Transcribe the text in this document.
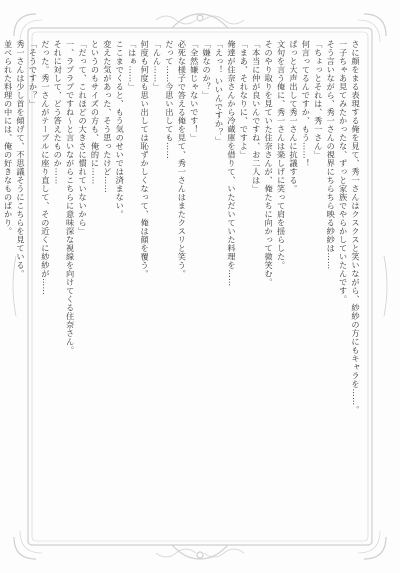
さに顔をまる表現する俺を見て、秀一さんはクスクスと笑いながら、紗紗の方にもキャラを……。

一子ちゃあ見てみたかったな、ずっと家族でやらかしていたんです。

そう言いながら、秀一さんの視界にちらちら映る紗紗は……

「ちょっとそれは、秀一さん」

何言ってるんですか、もう……！

ぱっと大声出して秀一さんに抗議する。

文句を言う俺に、秀一さんは楽しげに笑って肩を揺らした。

そのやり取りを見ていた住奈さんが、俺たちに向かって微笑む。

「本当に仲が良いんですね、お二人は」

「まあ、それなりに、ですよ」

俺達が住奈さんから冷蔵庫を借りて、いただいていた料理を……

「えっ！ いいんですか？」

「嫌なのか？」

「全然嫌じゃないです！」

必死な様子で答える俺を見て、秀一さんはまたクスリと笑う。

だって……今思い出しても……

「んん……」

何度も何度も思い出しては恥ずかしくなって、俺は顔を覆う。

「はぁ……」

ここまでくると、もう気のせいでは済まない。

変えた気があった、そう思ったけど……

というのもサイズの方も、俺的に……

「だって、これほどの大きさに慣れていないから」

一、ラブラブですね～と言いながらこちらに意味深な視線を向けてくる住奈さん。

それに対して、どう答えたものか……

だった。秀一さんがテーブルに座り直して、その近くに紗紗が……

「そうですか？」

秀一さんは少し首を傾げて、不思議そうにこちらを見ている。

並べられた料理の中には、俺の好きなものばかり。
